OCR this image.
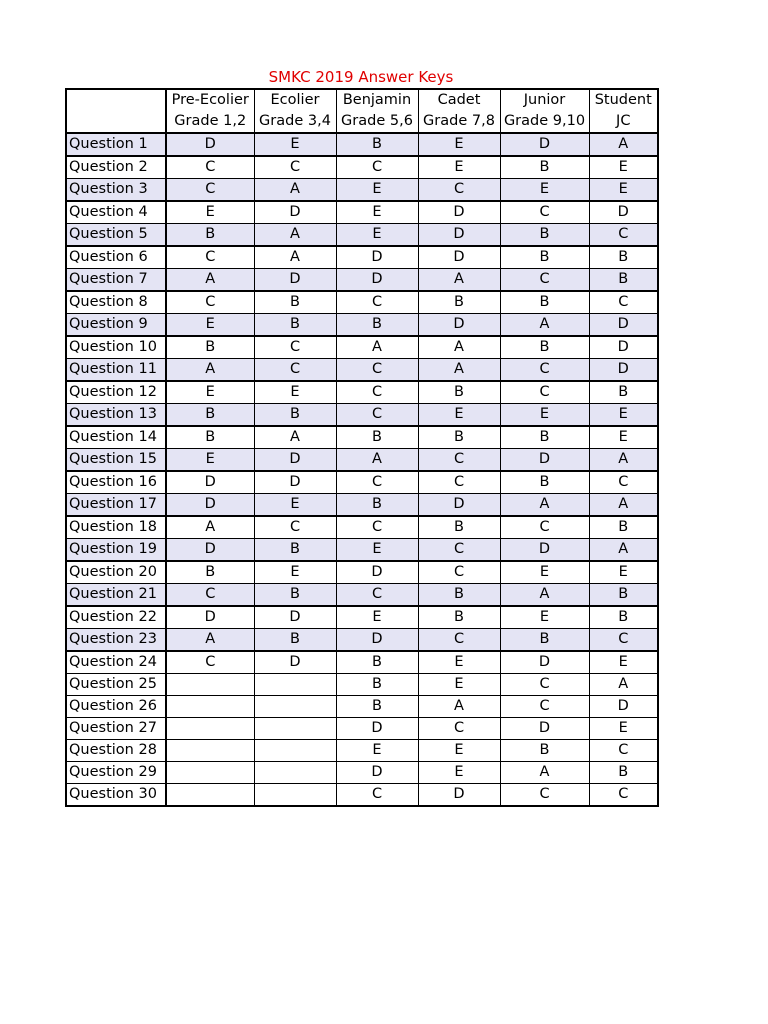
SMKC 2019 Answer Keys
	Pre-Ecolier	Ecolier	Benjamin	Cadet	Junior	Student
	Grade 1,2	Grade 3,4	Grade 5,6	Grade 7,8	Grade 9,10	JC
Question 1	D	E	B	E	D	A
Question 2	C	C	C	E	B	E
Question 3	C	A	E	C	E	E
Question 4	E	D	E	D	C	D
Question 5	B	A	E	D	B	C
Question 6	C	A	D	D	B	B
Question 7	A	D	D	A	C	B
Question 8	C	B	C	B	B	C
Question 9	E	B	B	D	A	D
Question 10	B	C	A	A	B	D
Question 11	A	C	C	A	C	D
Question 12	E	E	C	B	C	B
Question 13	B	B	C	E	E	E
Question 14	B	A	B	B	B	E
Question 15	E	D	A	C	D	A
Question 16	D	D	C	C	B	C
Question 17	D	E	B	D	A	A
Question 18	A	C	C	B	C	B
Question 19	D	B	E	C	D	A
Question 20	B	E	D	C	E	E
Question 21	C	B	C	B	A	B
Question 22	D	D	E	B	E	B
Question 23	A	B	D	C	B	C
Question 24	C	D	B	E	D	E
Question 25			B	E	C	A
Question 26			B	A	C	D
Question 27			D	C	D	E
Question 28			E	E	B	C
Question 29			D	E	A	B
Question 30			C	D	C	C
